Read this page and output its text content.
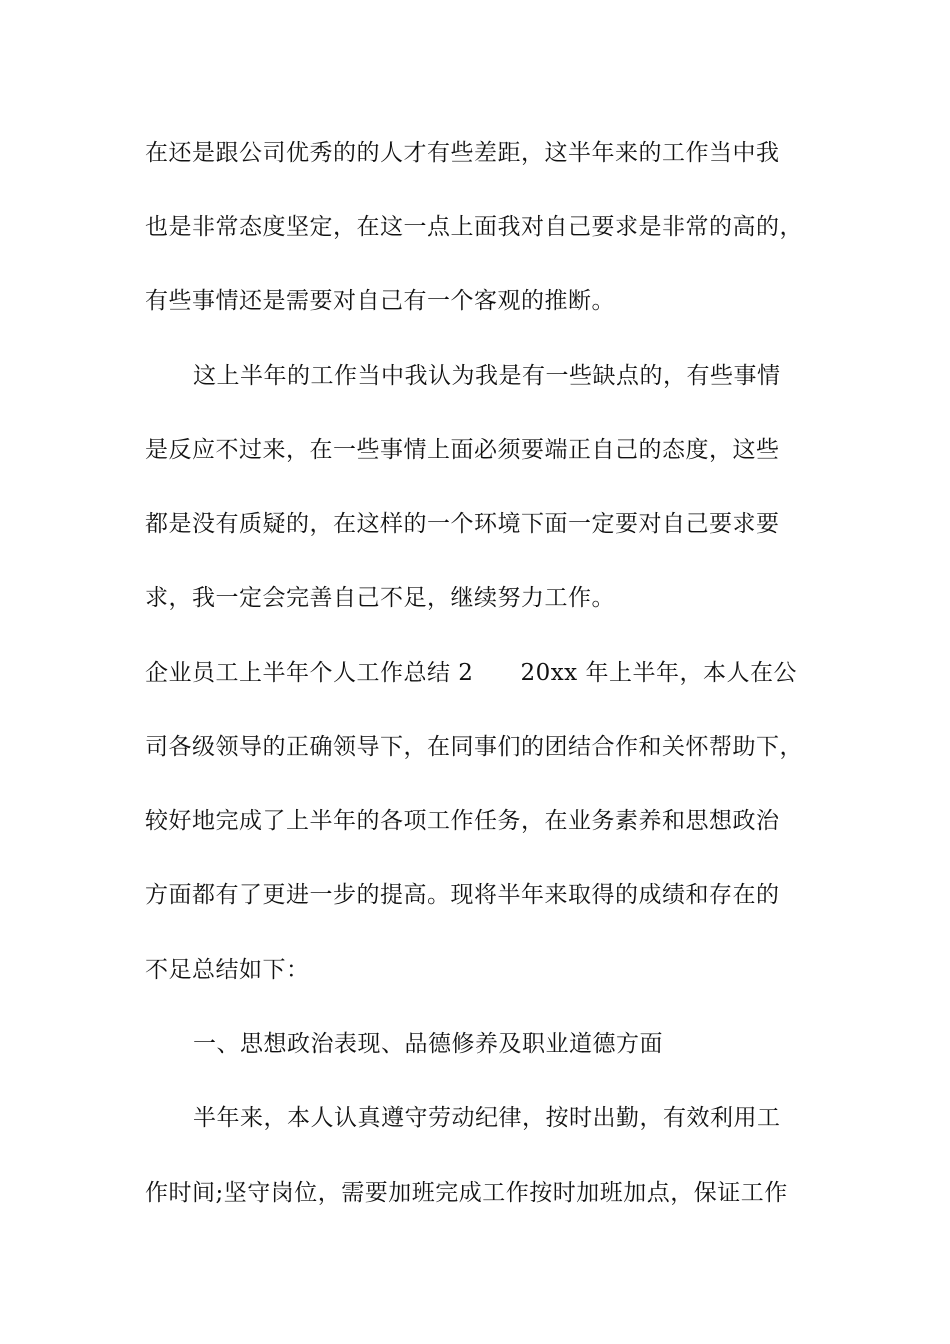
在还是跟公司优秀的的人才有些差距，这半年来的工作当中我
也是非常态度坚定，在这一点上面我对自己要求是非常的高的，
有些事情还是需要对自己有一个客观的推断。
这上半年的工作当中我认为我是有一些缺点的，有些事情
是反应不过来，在一些事情上面必须要端正自己的态度，这些
都是没有质疑的，在这样的一个环境下面一定要对自己要求要
求，我一定会完善自己不足，继续努力工作。
企业员工上半年个人工作总结 2　　20xx 年上半年，本人在公
司各级领导的正确领导下，在同事们的团结合作和关怀帮助下，
较好地完成了上半年的各项工作任务，在业务素养和思想政治
方面都有了更进一步的提高。现将半年来取得的成绩和存在的
不足总结如下：
一、思想政治表现、品德修养及职业道德方面
半年来，本人认真遵守劳动纪律，按时出勤，有效利用工
作时间;坚守岗位，需要加班完成工作按时加班加点，保证工作
